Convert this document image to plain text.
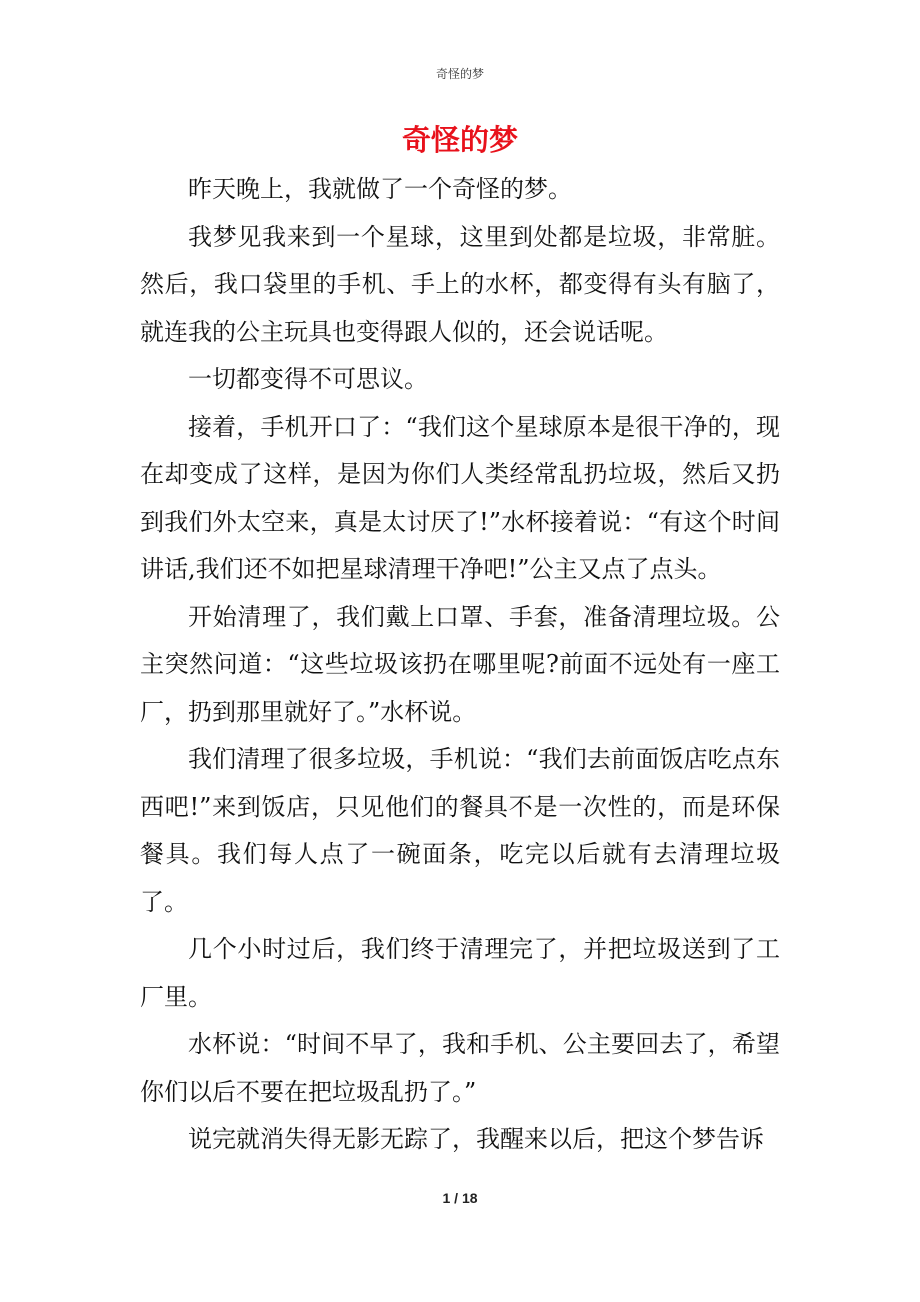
奇怪的梦
奇怪的梦

昨天晚上，我就做了一个奇怪的梦。

我梦见我来到一个星球，这里到处都是垃圾，非常脏。然后，我口袋里的手机、手上的水杯，都变得有头有脑了，就连我的公主玩具也变得跟人似的，还会说话呢。

一切都变得不可思议。

接着，手机开口了：“我们这个星球原本是很干净的，现在却变成了这样，是因为你们人类经常乱扔垃圾，然后又扔到我们外太空来，真是太讨厌了!”水杯接着说：“有这个时间讲话,我们还不如把星球清理干净吧!”公主又点了点头。

开始清理了，我们戴上口罩、手套，准备清理垃圾。公主突然问道：“这些垃圾该扔在哪里呢?前面不远处有一座工厂，扔到那里就好了。”水杯说。

我们清理了很多垃圾，手机说：“我们去前面饭店吃点东西吧!”来到饭店，只见他们的餐具不是一次性的，而是环保餐具。我们每人点了一碗面条，吃完以后就有去清理垃圾了。

几个小时过后，我们终于清理完了，并把垃圾送到了工厂里。

水杯说：“时间不早了，我和手机、公主要回去了，希望你们以后不要在把垃圾乱扔了。”

说完就消失得无影无踪了，我醒来以后，把这个梦告诉

1 / 18
